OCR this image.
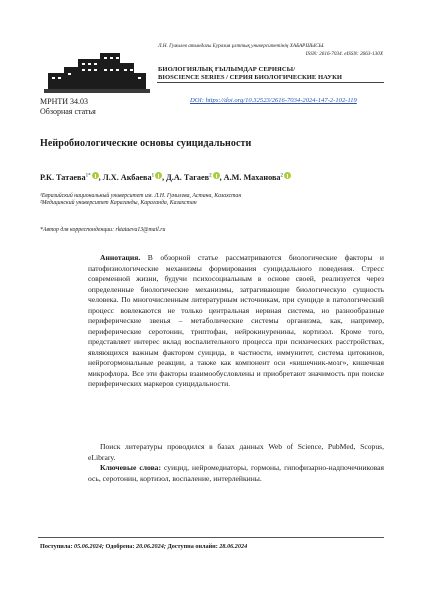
Л.Н. Гумилев атындағы Еуразия ұлттық университетінің ХАБАРШЫСЫ.
ISSN: 2616-7034. eISSN: 2663-130X
БИОЛОГИЯЛЫҚ ҒЫЛЫМДАР СЕРИЯСЫ/
BIOSCIENCE SERIES / СЕРИЯ БИОЛОГИЧЕСКИЕ НАУКИ
МРНТИ 34.03
Обзорная статья
DOI: https://doi.org/10.32523/2616-7034-2024-147-2-102-119
Нейробиологические основы суицидальности
Р.К. Татаева$^{1*}$ , Л.Х. Акбаева$^1$ , Д.А. Тагаев$^2$ , А.М. Маханова$^2$
¹Евразийский национальный университет им. Л.Н. Гумилева, Астана, Казахстан
²Медицинский университет Караганды, Караганда, Казахстан
*Автор для корреспонденции: rktataeva13@mail.ru

Аннотация. В обзорной статье рассматриваются биологические факторы и патофизиологические механизмы формирования суицидального поведения. Стресс современной жизни, будучи психосоциальным в основе своей, реализуется через определенные биологические механизмы, затрагивающие биологическую сущность человека. По многочисленным литературным источникам, при суициде в патологический процесс вовлекаются не только центральная нервная система, но разнообразные периферические звенья – метаболические системы организма, как, например, периферические серотонин, триптофан, нейрокинуренины, кортизол. Кроме того, представляет интерес вклад воспалительного процесса при психических расстройствах, являющихся важным фактором суицида, в частности, иммунитет, система цитокинов, нейрогормональные реакции, а также как компонент оси «кишечник-мозг», кишечная микрофлора. Все эти факторы взаимообусловлены и приобретают значимость при поиске периферических маркеров суицидальности.

Поиск литературы проводился в базах данных Web of Science, PubMed, Scopus, eLibrary.

Ключевые слова: суицид, нейромедиаторы, гормоны, гипофизарно-надпочечниковая ось, серотонин, кортизол, воспаление, интерлейкины.

Поступила: 05.06.2024; Одобрена: 20.06.2024; Доступна онлайн: 28.06.2024
